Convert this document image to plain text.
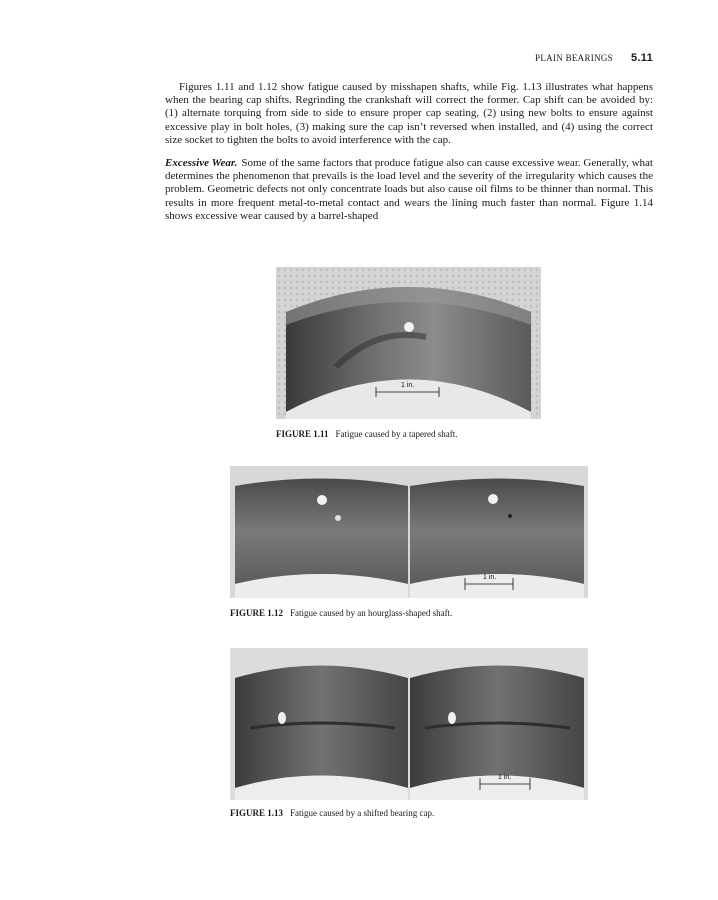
PLAIN BEARINGS 5.11

Figures 1.11 and 1.12 show fatigue caused by misshapen shafts, while Fig. 1.13 illustrates what happens when the bearing cap shifts. Regrinding the crankshaft will correct the former. Cap shift can be avoided by: (1) alternate torquing from side to side to ensure proper cap seating, (2) using new bolts to ensure against excessive play in bolt holes, (3) making sure the cap isn’t reversed when installed, and (4) using the correct size socket to tighten the bolts to avoid interference with the cap.

Excessive Wear. Some of the same factors that produce fatigue also can cause excessive wear. Generally, what determines the phenomenon that prevails is the load level and the severity of the irregularity which causes the problem. Geometric defects not only concentrate loads but also cause oil films to be thinner than normal. This results in more frequent metal-to-metal contact and wears the lining much faster than normal. Figure 1.14 shows excessive wear caused by a barrel-shaped

1 in.
FIGURE 1.11 Fatigue caused by a tapered shaft.
1 in.
FIGURE 1.12 Fatigue caused by an hourglass-shaped shaft.
1 in.
FIGURE 1.13 Fatigue caused by a shifted bearing cap.
